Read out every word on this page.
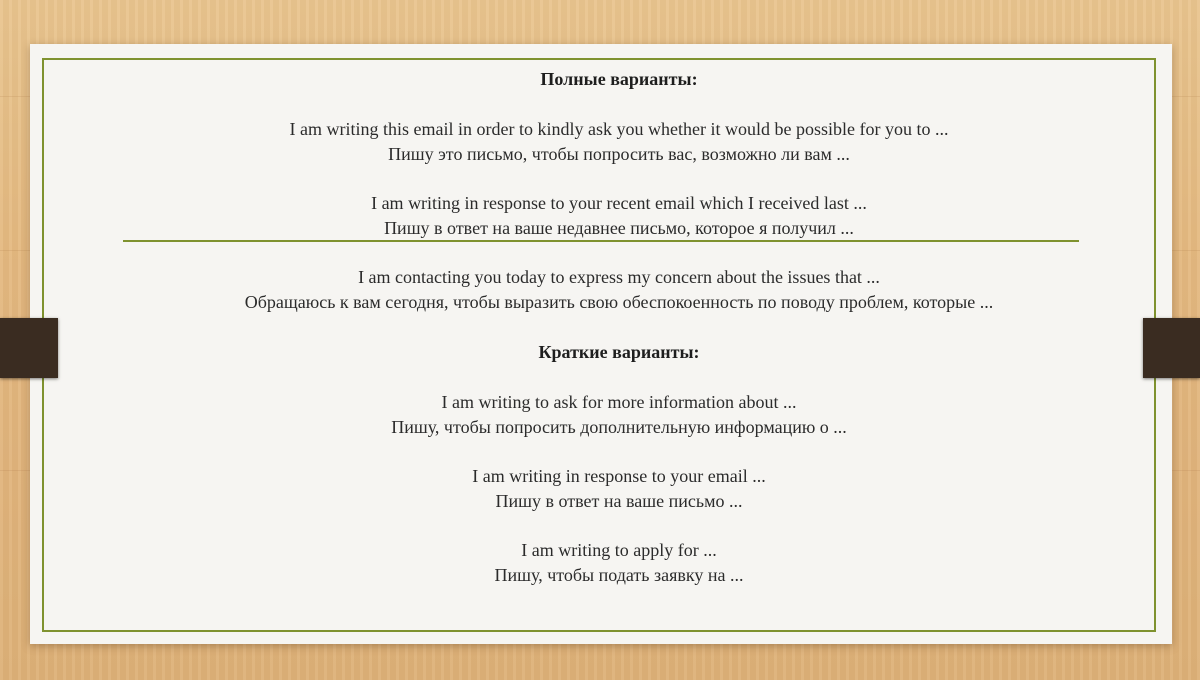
Полные варианты:
I am writing this email in order to kindly ask you whether it would be possible for you to ...
Пишу это письмо, чтобы попросить вас, возможно ли вам ...
I am writing in response to your recent email which I received last ...
Пишу в ответ на ваше недавнее письмо, которое я получил ...
I am contacting you today to express my concern about the issues that ...
Обращаюсь к вам сегодня, чтобы выразить свою обеспокоенность по поводу проблем, которые ...
Краткие варианты:
I am writing to ask for more information about ...
Пишу, чтобы попросить дополнительную информацию о ...
I am writing in response to your email ...
Пишу в ответ на ваше письмо ...
I am writing to apply for ...
Пишу, чтобы подать заявку на ...
